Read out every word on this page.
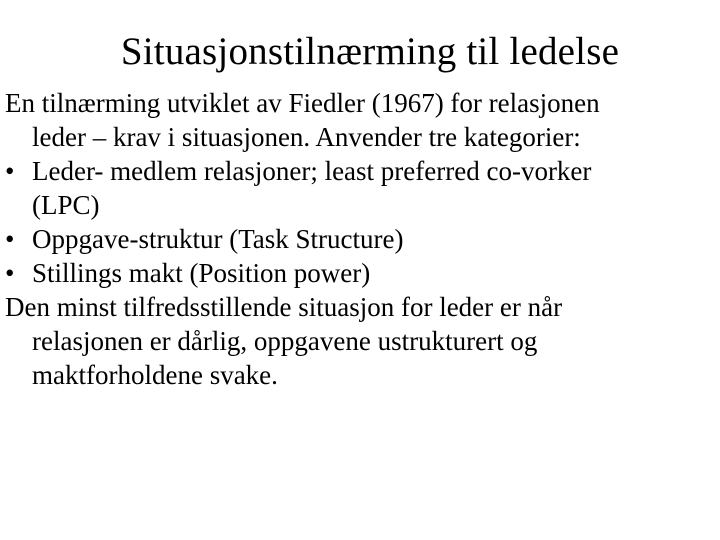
Situasjonstilnærming til ledelse

En tilnærming utviklet av Fiedler (1967) for relasjonen leder – krav i situasjonen. Anvender tre kategorier:

• Leder- medlem relasjoner; least preferred co-vorker (LPC)
• Oppgave-struktur (Task Structure)
• Stillings makt (Position power)

Den minst tilfredsstillende situasjon for leder er når relasjonen er dårlig, oppgavene ustrukturert og maktforholdene svake.
